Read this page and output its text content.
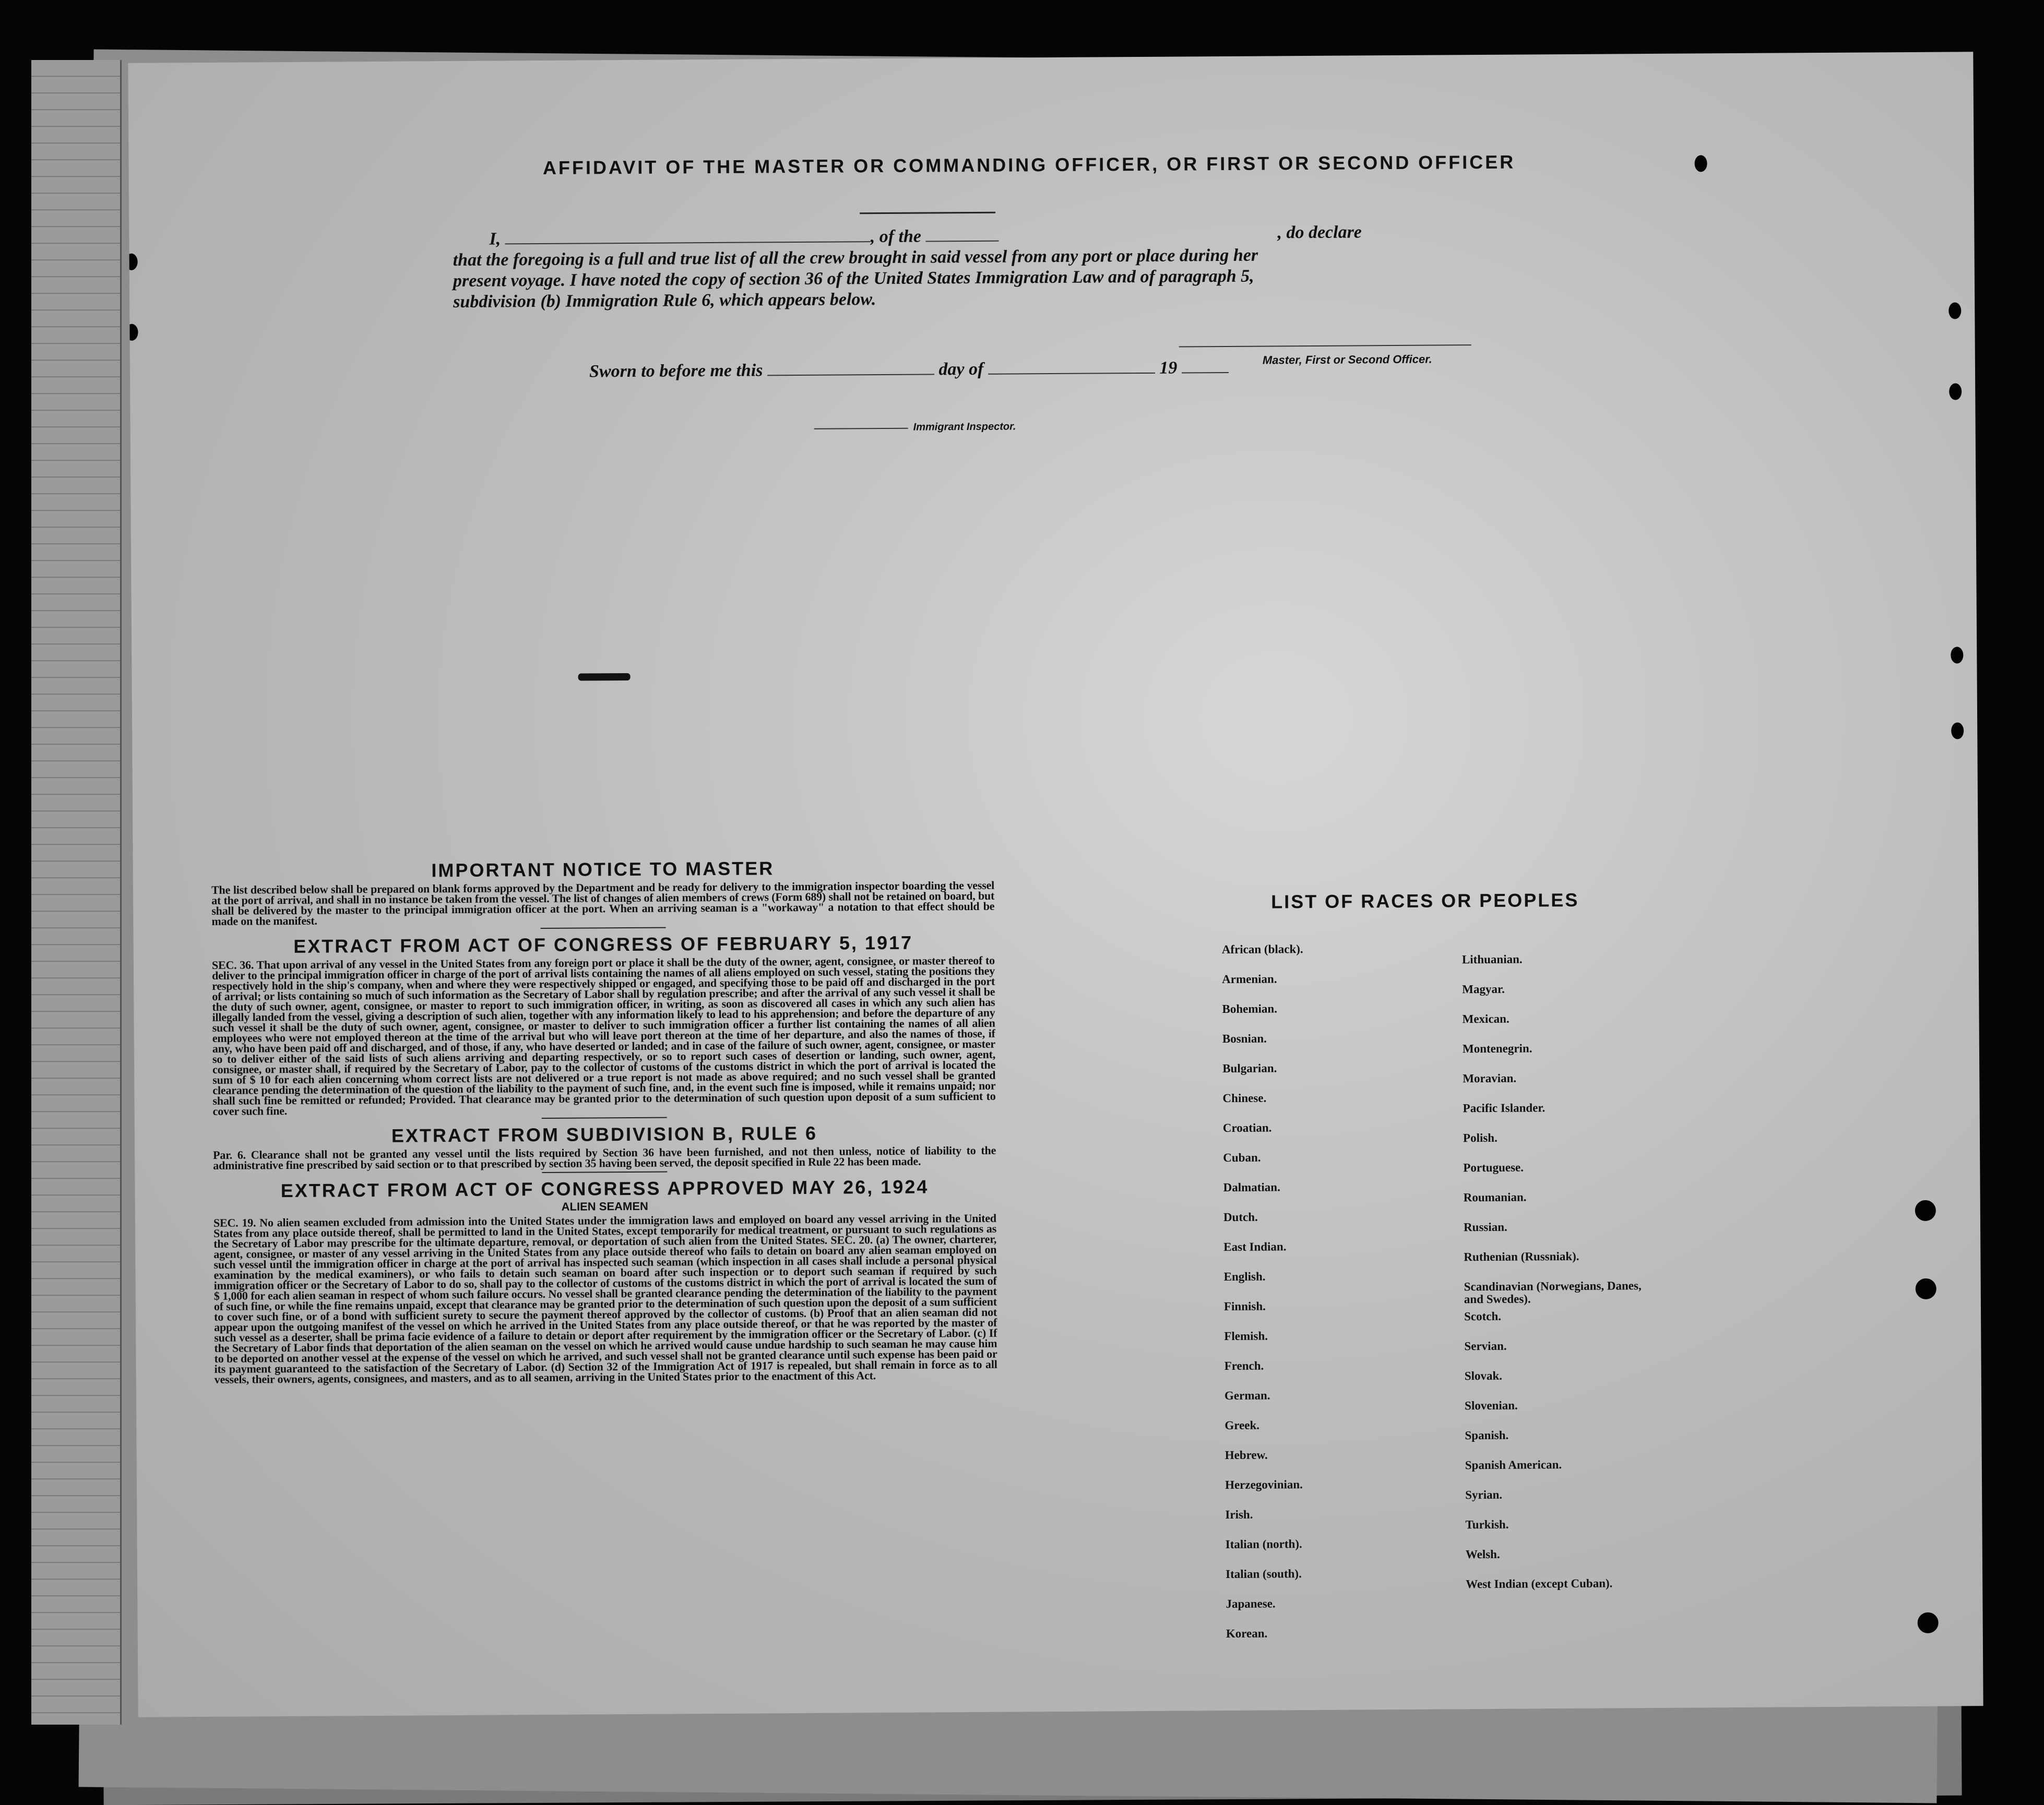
AFFIDAVIT OF THE MASTER OR COMMANDING OFFICER, OR FIRST OR SECOND OFFICER

I,	, of the

that the foregoing is a full and true list of all the crew brought in said vessel from any port or place during her

present voyage. I have noted the copy of section 36 of the United States Immigration Law and of paragraph 5,

subdivision (b) Immigration Rule 6, which appears below.

, do declare
Master, First or Second Officer.
Sworn to before me this	day of	19
Immigrant Inspector.
IMPORTANT NOTICE TO MASTER

The list described below shall be prepared on blank forms approved by the Department and be ready for delivery to the immigration inspector boarding the vessel at the port of arrival, and shall in no instance be taken from the vessel. The list of changes of alien members of crews (Form 689) shall not be retained on board, but shall be delivered by the master to the principal immigration officer at the port. When an arriving seaman is a "workaway" a notation to that effect should be made on the manifest.

EXTRACT FROM ACT OF CONGRESS OF FEBRUARY 5, 1917

SEC. 36. That upon arrival of any vessel in the United States from any foreign port or place it shall be the duty of the owner, agent, consignee, or master thereof to deliver to the principal immigration officer in charge of the port of arrival lists containing the names of all aliens employed on such vessel, stating the positions they respectively hold in the ship's company, when and where they were respectively shipped or engaged, and specifying those to be paid off and discharged in the port of arrival; or lists containing so much of such information as the Secretary of Labor shall by regulation prescribe; and after the arrival of any such vessel it shall be the duty of such owner, agent, consignee, or master to report to such immigration officer, in writing, as soon as discovered all cases in which any such alien has illegally landed from the vessel, giving a description of such alien, together with any information likely to lead to his apprehension; and before the departure of any such vessel it shall be the duty of such owner, agent, consignee, or master to deliver to such immigration officer a further list containing the names of all alien employees who were not employed thereon at the time of the arrival but who will leave port thereon at the time of her departure, and also the names of those, if any, who have been paid off and discharged, and of those, if any, who have deserted or landed; and in case of the failure of such owner, agent, consignee, or master so to deliver either of the said lists of such aliens arriving and departing respectively, or so to report such cases of desertion or landing, such owner, agent, consignee, or master shall, if required by the Secretary of Labor, pay to the collector of customs of the customs district in which the port of arrival is located the sum of $ 10 for each alien concerning whom correct lists are not delivered or a true report is not made as above required; and no such vessel shall be granted clearance pending the determination of the question of the liability to the payment of such fine, and, in the event such fine is imposed, while it remains unpaid; nor shall such fine be remitted or refunded; Provided. That clearance may be granted prior to the determination of such question upon deposit of a sum sufficient to cover such fine.

EXTRACT FROM SUBDIVISION B, RULE 6

Par. 6. Clearance shall not be granted any vessel until the lists required by Section 36 have been furnished, and not then unless, notice of liability to the administrative fine prescribed by said section or to that prescribed by section 35 having been served, the deposit specified in Rule 22 has been made.

EXTRACT FROM ACT OF CONGRESS APPROVED MAY 26, 1924

ALIEN SEAMEN

SEC. 19. No alien seamen excluded from admission into the United States under the immigration laws and employed on board any vessel arriving in the United States from any place outside thereof, shall be permitted to land in the United States, except temporarily for medical treatment, or pursuant to such regulations as the Secretary of Labor may prescribe for the ultimate departure, removal, or deportation of such alien from the United States. SEC. 20. (a) The owner, charterer, agent, consignee, or master of any vessel arriving in the United States from any place outside thereof who fails to detain on board any alien seaman employed on such vessel until the immigration officer in charge at the port of arrival has inspected such seaman (which inspection in all cases shall include a personal physical examination by the medical examiners), or who fails to detain such seaman on board after such inspection or to deport such seaman if required by such immigration officer or the Secretary of Labor to do so, shall pay to the collector of customs of the customs district in which the port of arrival is located the sum of $ 1,000 for each alien seaman in respect of whom such failure occurs. No vessel shall be granted clearance pending the determination of the liability to the payment of such fine, or while the fine remains unpaid, except that clearance may be granted prior to the determination of such question upon the deposit of a sum sufficient to cover such fine, or of a bond with sufficient surety to secure the payment thereof approved by the collector of customs. (b) Proof that an alien seaman did not appear upon the outgoing manifest of the vessel on which he arrived in the United States from any place outside thereof, or that he was reported by the master of such vessel as a deserter, shall be prima facie evidence of a failure to detain or deport after requirement by the immigration officer or the Secretary of Labor. (c) If the Secretary of Labor finds that deportation of the alien seaman on the vessel on which he arrived would cause undue hardship to such seaman he may cause him to be deported on another vessel at the expense of the vessel on which he arrived, and such vessel shall not be granted clearance until such expense has been paid or its payment guaranteed to the satisfaction of the Secretary of Labor. (d) Section 32 of the Immigration Act of 1917 is repealed, but shall remain in force as to all vessels, their owners, agents, consignees, and masters, and as to all seamen, arriving in the United States prior to the enactment of this Act.

LIST OF RACES OR PEOPLES
African (black).
Armenian.
Bohemian.
Bosnian.
Bulgarian.
Chinese.
Croatian.
Cuban.
Dalmatian.
Dutch.
East Indian.
English.
Finnish.
Flemish.
French.
German.
Greek.
Hebrew.
Herzegovinian.
Irish.
Italian (north).
Italian (south).
Japanese.
Korean.
Lithuanian.
Magyar.
Mexican.
Montenegrin.
Moravian.
Pacific Islander.
Polish.
Portuguese.
Roumanian.
Russian.
Ruthenian (Russniak).
Scandinavian (Norwegians, Danes, and Swedes).
Scotch.
Servian.
Slovak.
Slovenian.
Spanish.
Spanish American.
Syrian.
Turkish.
Welsh.
West Indian (except Cuban).
